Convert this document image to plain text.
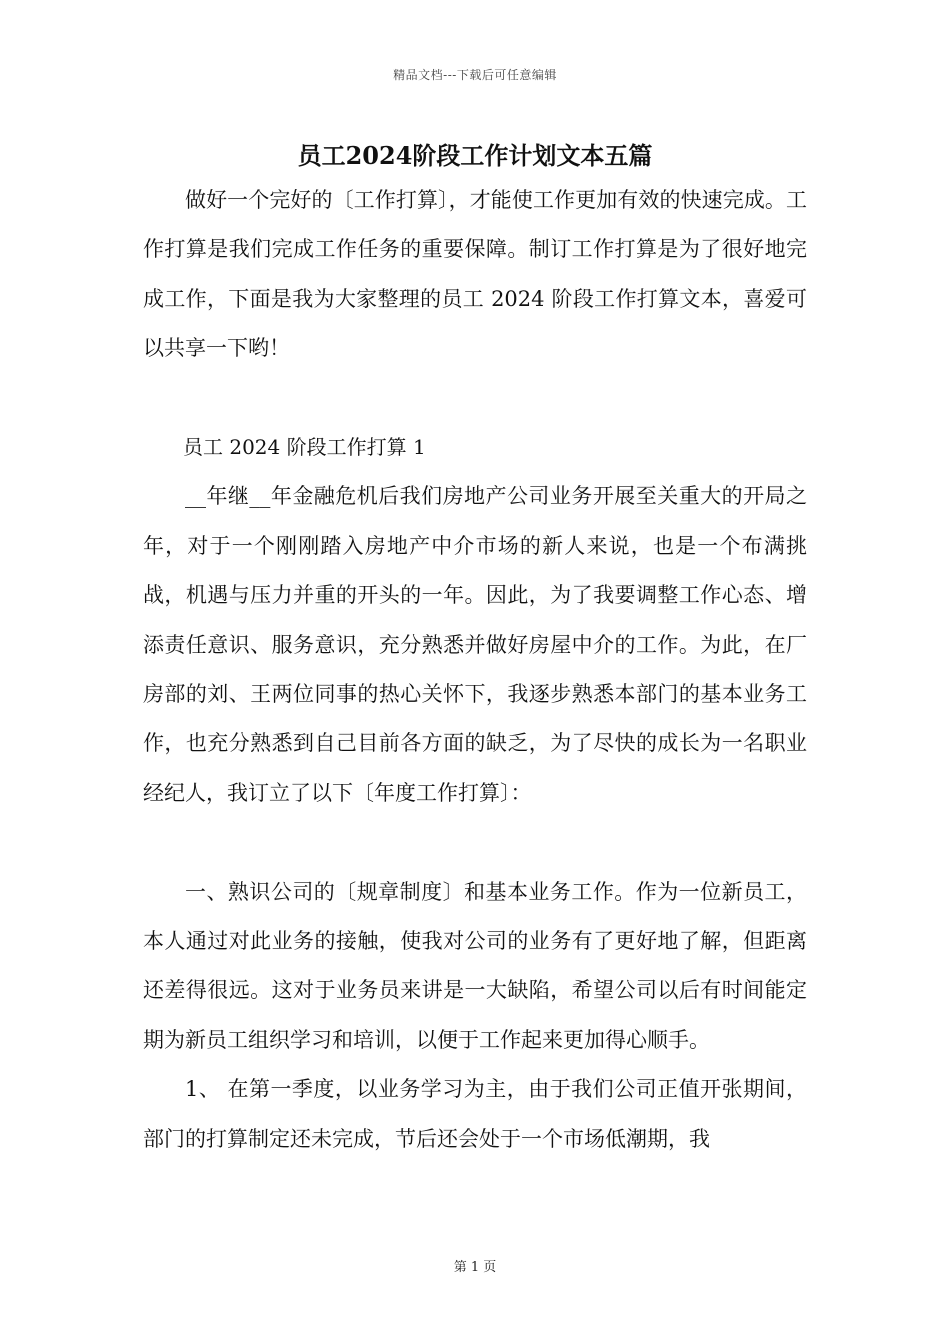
精品文档---下载后可任意编辑
员工2024阶段工作计划文本五篇

做好一个完好的〔工作打算〕，才能使工作更加有效的快速完成。工作打算是我们完成工作任务的重要保障。制订工作打算是为了很好地完成工作，下面是我为大家整理的员工 2024 阶段工作打算文本，喜爱可以共享一下哟！

员工 2024 阶段工作打算 1

__年继__年金融危机后我们房地产公司业务开展至关重大的开局之年，对于一个刚刚踏入房地产中介市场的新人来说，也是一个布满挑战，机遇与压力并重的开头的一年。因此，为了我要调整工作心态、增添责任意识、服务意识，充分熟悉并做好房屋中介的工作。为此，在厂房部的刘、王两位同事的热心关怀下，我逐步熟悉本部门的基本业务工作，也充分熟悉到自己目前各方面的缺乏，为了尽快的成长为一名职业经纪人，我订立了以下〔年度工作打算〕：

一、熟识公司的〔规章制度〕和基本业务工作。作为一位新员工，本人通过对此业务的接触，使我对公司的业务有了更好地了解，但距离还差得很远。这对于业务员来讲是一大缺陷，希望公司以后有时间能定期为新员工组织学习和培训，以便于工作起来更加得心顺手。

1、 在第一季度，以业务学习为主，由于我们公司正值开张期间，部门的打算制定还未完成，节后还会处于一个市场低潮期，我

第 1 页
